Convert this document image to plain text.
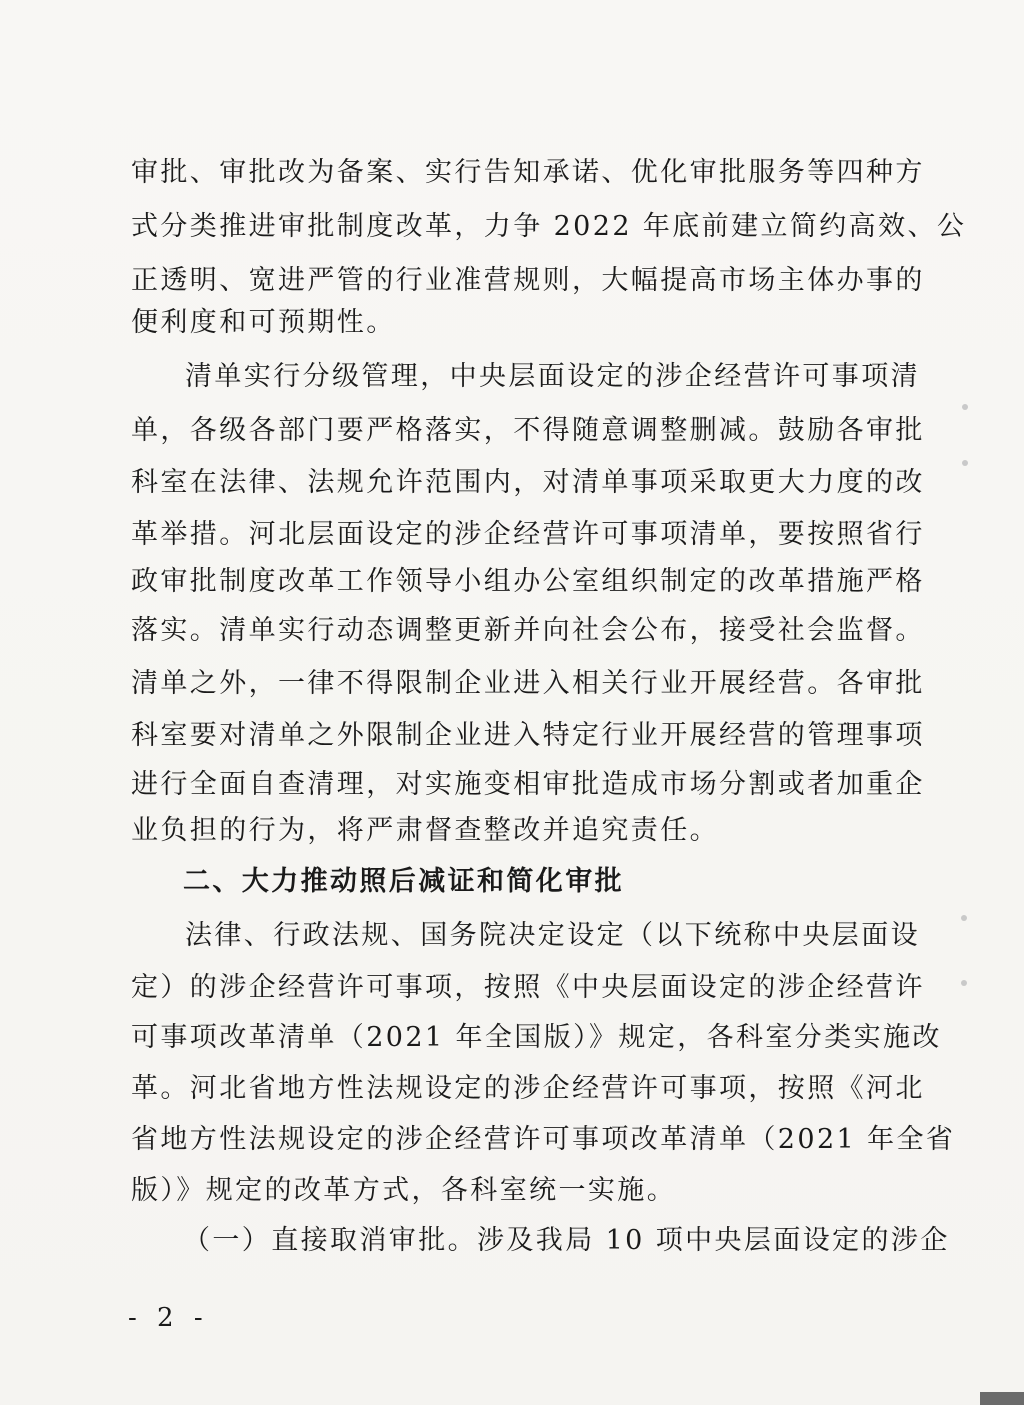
审批、审批改为备案、实行告知承诺、优化审批服务等四种方
式分类推进审批制度改革，力争 2022 年底前建立简约高效、公
正透明、宽进严管的行业准营规则，大幅提高市场主体办事的
便利度和可预期性。
清单实行分级管理，中央层面设定的涉企经营许可事项清
单，各级各部门要严格落实，不得随意调整删减。鼓励各审批
科室在法律、法规允许范围内，对清单事项采取更大力度的改
革举措。河北层面设定的涉企经营许可事项清单，要按照省行
政审批制度改革工作领导小组办公室组织制定的改革措施严格
落实。清单实行动态调整更新并向社会公布，接受社会监督。
清单之外，一律不得限制企业进入相关行业开展经营。各审批
科室要对清单之外限制企业进入特定行业开展经营的管理事项
进行全面自查清理，对实施变相审批造成市场分割或者加重企
业负担的行为，将严肃督查整改并追究责任。
二、大力推动照后减证和简化审批
法律、行政法规、国务院决定设定（以下统称中央层面设
定）的涉企经营许可事项，按照《中央层面设定的涉企经营许
可事项改革清单（2021 年全国版）》规定，各科室分类实施改
革。河北省地方性法规设定的涉企经营许可事项，按照《河北
省地方性法规设定的涉企经营许可事项改革清单（2021 年全省
版）》规定的改革方式，各科室统一实施。
（一）直接取消审批。涉及我局 10 项中央层面设定的涉企
- 2 -
